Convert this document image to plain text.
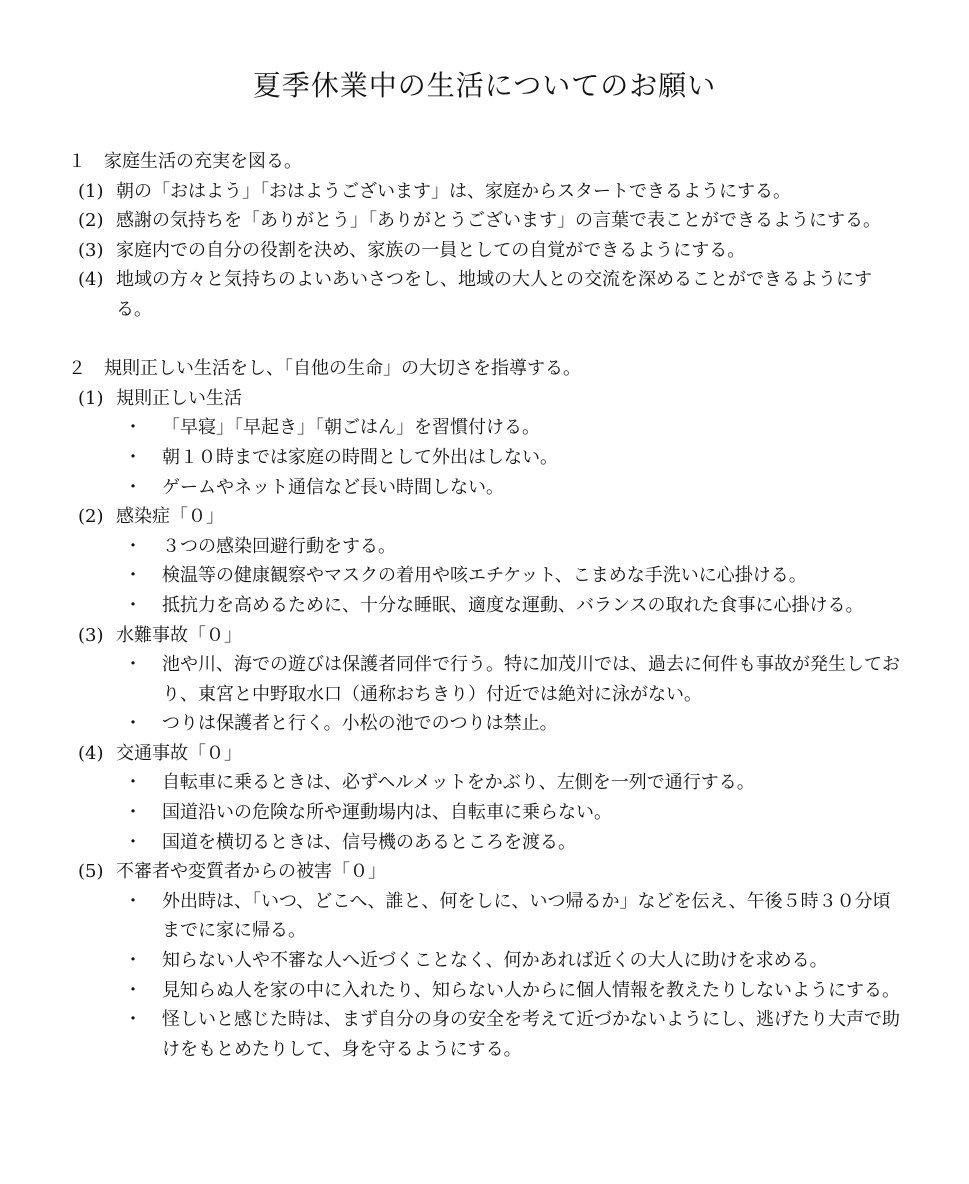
夏季休業中の生活についてのお願い

１　家庭生活の充実を図る。

(1) 朝の「おはよう」「おはようございます」は、家庭からスタートできるようにする。
(2) 感謝の気持ちを「ありがとう」「ありがとうございます」の言葉で表ことができるようにする。
(3) 家庭内での自分の役割を決め、家族の一員としての自覚ができるようにする。
(4) 地域の方々と気持ちのよいあいさつをし、地域の大人との交流を深めることができるようにする。

２　規則正しい生活をし、「自他の生命」の大切さを指導する。

(1) 規則正しい生活
・	「早寝」「早起き」「朝ごはん」を習慣付ける。
・	朝１０時までは家庭の時間として外出はしない。
・	ゲームやネット通信など長い時間しない。
(2) 感染症「０」
・	３つの感染回避行動をする。
・	検温等の健康観察やマスクの着用や咳エチケット、こまめな手洗いに心掛ける。
・	抵抗力を高めるために、十分な睡眠、適度な運動、バランスの取れた食事に心掛ける。
(3) 水難事故「０」
・	池や川、海での遊びは保護者同伴で行う。特に加茂川では、過去に何件も事故が発生しており、東宮と中野取水口（通称おちきり）付近では絶対に泳がない。
・	つりは保護者と行く。小松の池でのつりは禁止。
(4) 交通事故「０」
・	自転車に乗るときは、必ずヘルメットをかぶり、左側を一列で通行する。
・	国道沿いの危険な所や運動場内は、自転車に乗らない。
・	国道を横切るときは、信号機のあるところを渡る。
(5) 不審者や変質者からの被害「０」
・	外出時は、「いつ、どこへ、誰と、何をしに、いつ帰るか」などを伝え、午後５時３０分頃までに家に帰る。
・	知らない人や不審な人へ近づくことなく、何かあれば近くの大人に助けを求める。
・	見知らぬ人を家の中に入れたり、知らない人からに個人情報を教えたりしないようにする。
・	怪しいと感じた時は、まず自分の身の安全を考えて近づかないようにし、逃げたり大声で助けをもとめたりして、身を守るようにする。
